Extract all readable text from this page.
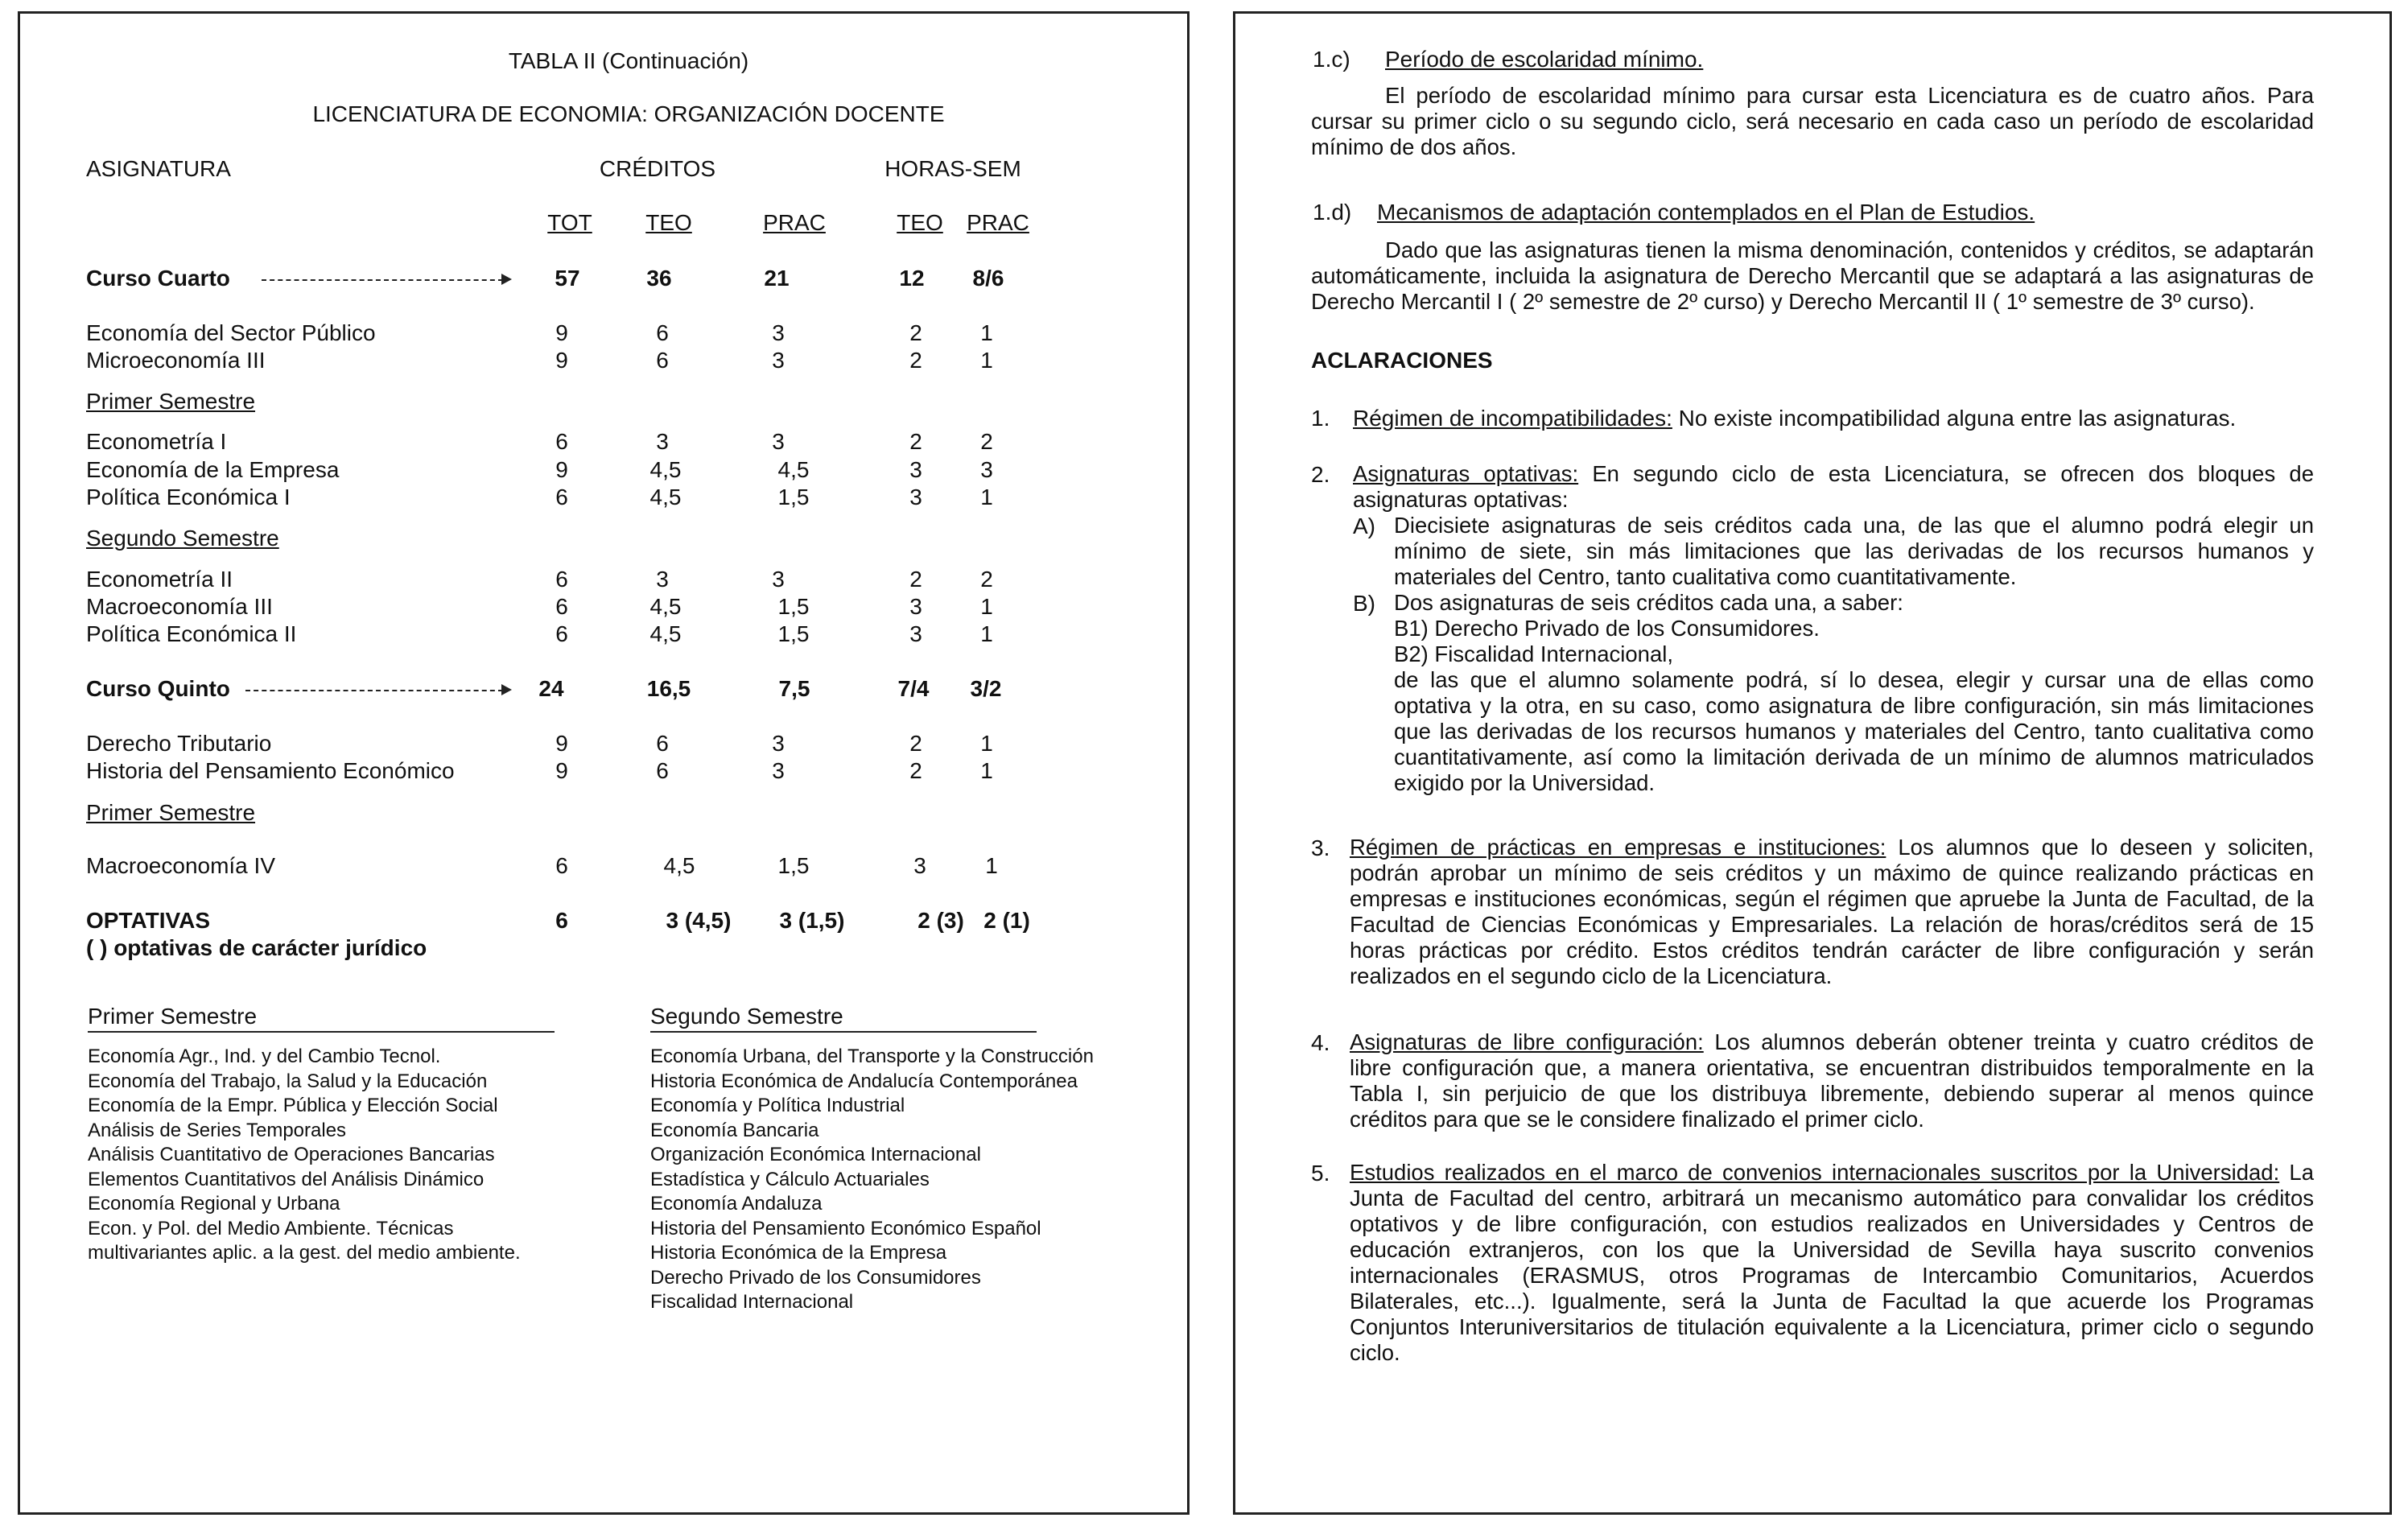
TABLA II (Continuación)
LICENCIATURA DE ECONOMIA: ORGANIZACIÓN DOCENTE
ASIGNATURA	CRÉDITOS	HORAS-SEM
TOT TEO	PRAC	TEO PRAC
Curso Cuarto	57	36	21	12 8/6
Economía del Sector Público	9	6	3	2	1
Microeconomía III	9	6	3	2	1
Primer Semestre
Econometría I	6	3	3	2	2
Economía de la Empresa	9	4,5	4,5	3	3
Política Económica I	6	4,5	1,5	3	1
Segundo Semestre
Econometría II	6	3	3	2	2
Macroeconomía III	6	4,5	1,5	3	1
Política Económica II	6	4,5	1,5	3	1
Curso Quinto	24	16,5	7,5	7/4 3/2
Derecho Tributario	9	6	3	2	1
Historia del Pensamiento Económico	9	6	3	2	1
Primer Semestre
Macroeconomía IV	6	4,5	1,5	3	1
OPTATIVAS	6	3 (4,5) 3 (1,5)	2 (3) 2 (1)
( ) optativas de carácter jurídico
Primer Semestre	Segundo Semestre
Economía Agr., Ind. y del Cambio Tecnol.
Economía del Trabajo, la Salud y la Educación
Economía de la Empr. Pública y Elección Social
Análisis de Series Temporales
Análisis Cuantitativo de Operaciones Bancarias
Elementos Cuantitativos del Análisis Dinámico
Economía Regional y Urbana
Econ. y Pol. del Medio Ambiente. Técnicas
multivariantes aplic. a la gest. del medio ambiente.
Economía Urbana, del Transporte y la Construcción
Historia Económica de Andalucía Contemporánea
Economía y Política Industrial
Economía Bancaria
Organización Económica Internacional
Estadística y Cálculo Actuariales
Economía Andaluza
Historia del Pensamiento Económico Español
Historia Económica de la Empresa
Derecho Privado de los Consumidores
Fiscalidad Internacional
1.c) Período de escolaridad mínimo.
El período de escolaridad mínimo para cursar esta Licenciatura es de cuatro años. Para
cursar su primer ciclo o su segundo ciclo, será necesario en cada caso un período de escolaridad
mínimo de dos años.
1.d) Mecanismos de adaptación contemplados en el Plan de Estudios.
Dado que las asignaturas tienen la misma denominación, contenidos y créditos, se adaptarán
automáticamente, incluida la asignatura de Derecho Mercantil que se adaptará a las asignaturas de
Derecho Mercantil I ( 2º semestre de 2º curso) y Derecho Mercantil II ( 1º semestre de 3º curso).
ACLARACIONES
1. Régimen de incompatibilidades: No existe incompatibilidad alguna entre las asignaturas.
2. Asignaturas optativas: En segundo ciclo de esta Licenciatura, se ofrecen dos bloques de
asignaturas optativas:
A) Diecisiete asignaturas de seis créditos cada una, de las que el alumno podrá elegir un
mínimo de siete, sin más limitaciones que las derivadas de los recursos humanos y
materiales del Centro, tanto cualitativa como cuantitativamente.
B) Dos asignaturas de seis créditos cada una, a saber:
B1) Derecho Privado de los Consumidores.
B2) Fiscalidad Internacional,
de las que el alumno solamente podrá, sí lo desea, elegir y cursar una de ellas como
optativa y la otra, en su caso, como asignatura de libre configuración, sin más limitaciones
que las derivadas de los recursos humanos y materiales del Centro, tanto cualitativa como
cuantitativamente, así como la limitación derivada de un mínimo de alumnos matriculados
exigido por la Universidad.
3. Régimen de prácticas en empresas e instituciones: Los alumnos que lo deseen y soliciten,
podrán aprobar un mínimo de seis créditos y un máximo de quince realizando prácticas en
empresas e instituciones económicas, según el régimen que apruebe la Junta de Facultad, de la
Facultad de Ciencias Económicas y Empresariales. La relación de horas/créditos será de 15
horas prácticas por crédito. Estos créditos tendrán carácter de libre configuración y serán
realizados en el segundo ciclo de la Licenciatura.
4. Asignaturas de libre configuración: Los alumnos deberán obtener treinta y cuatro créditos de
libre configuración que, a manera orientativa, se encuentran distribuidos temporalmente en la
Tabla I, sin perjuicio de que los distribuya libremente, debiendo superar al menos quince
créditos para que se le considere finalizado el primer ciclo.
5. Estudios realizados en el marco de convenios internacionales suscritos por la Universidad: La
Junta de Facultad del centro, arbitrará un mecanismo automático para convalidar los créditos
optativos y de libre configuración, con estudios realizados en Universidades y Centros de
educación extranjeros, con los que la Universidad de Sevilla haya suscrito convenios
internacionales (ERASMUS, otros Programas de Intercambio Comunitarios, Acuerdos
Bilaterales, etc...). Igualmente, será la Junta de Facultad la que acuerde los Programas
Conjuntos Interuniversitarios de titulación equivalente a la Licenciatura, primer ciclo o segundo
ciclo.
